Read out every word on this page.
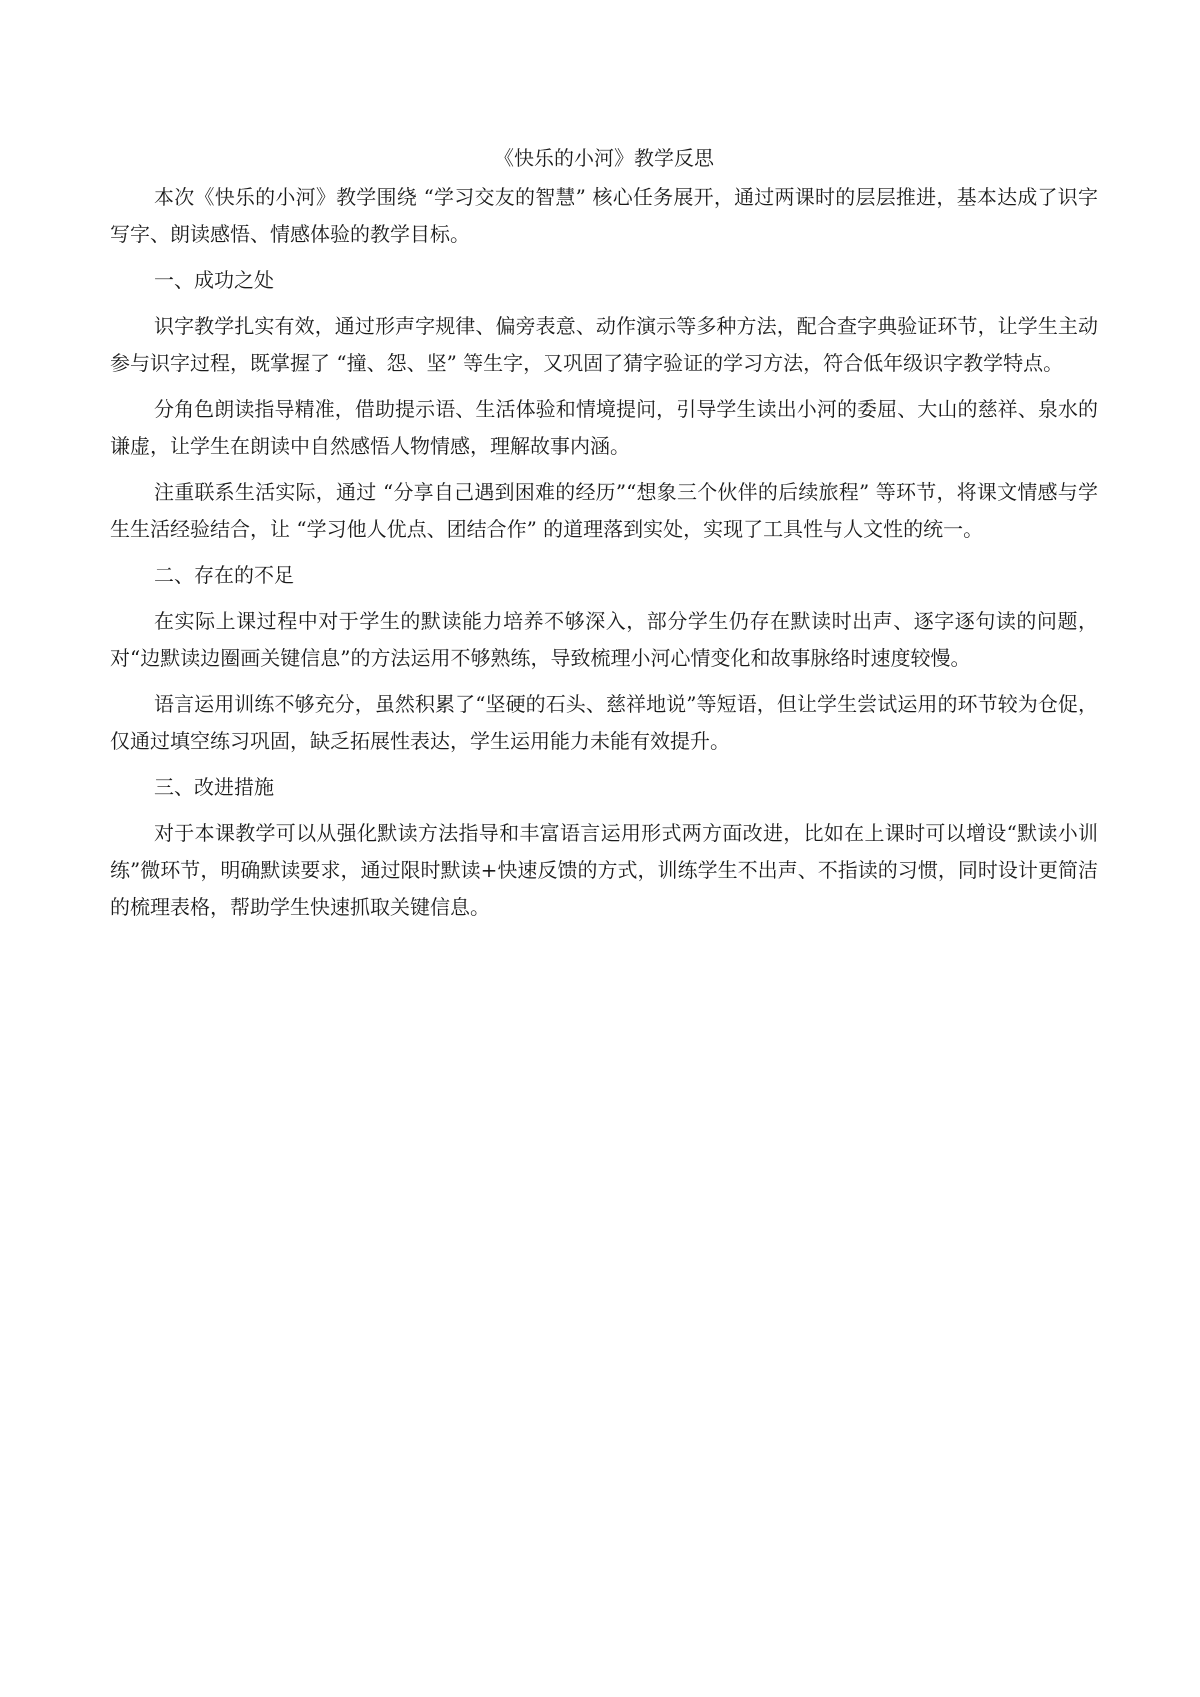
《快乐的小河》教学反思

本次《快乐的小河》教学围绕 “学习交友的智慧” 核心任务展开，通过两课时的层层推进，基本达成了识字写字、朗读感悟、情感体验的教学目标。

一、成功之处

识字教学扎实有效，通过形声字规律、偏旁表意、动作演示等多种方法，配合查字典验证环节，让学生主动参与识字过程，既掌握了 “撞、怨、坚” 等生字，又巩固了猜字验证的学习方法，符合低年级识字教学特点。

分角色朗读指导精准，借助提示语、生活体验和情境提问，引导学生读出小河的委屈、大山的慈祥、泉水的谦虚，让学生在朗读中自然感悟人物情感，理解故事内涵。

注重联系生活实际，通过 “分享自己遇到困难的经历”“想象三个伙伴的后续旅程” 等环节，将课文情感与学生生活经验结合，让 “学习他人优点、团结合作” 的道理落到实处，实现了工具性与人文性的统一。

二、存在的不足

在实际上课过程中对于学生的默读能力培养不够深入，部分学生仍存在默读时出声、逐字逐句读的问题，对“边默读边圈画关键信息”的方法运用不够熟练，导致梳理小河心情变化和故事脉络时速度较慢。

语言运用训练不够充分，虽然积累了“坚硬的石头、慈祥地说”等短语，但让学生尝试运用的环节较为仓促，仅通过填空练习巩固，缺乏拓展性表达，学生运用能力未能有效提升。

三、改进措施

对于本课教学可以从强化默读方法指导和丰富语言运用形式两方面改进，比如在上课时可以增设“默读小训练”微环节，明确默读要求，通过限时默读+快速反馈的方式，训练学生不出声、不指读的习惯，同时设计更简洁的梳理表格，帮助学生快速抓取关键信息。
